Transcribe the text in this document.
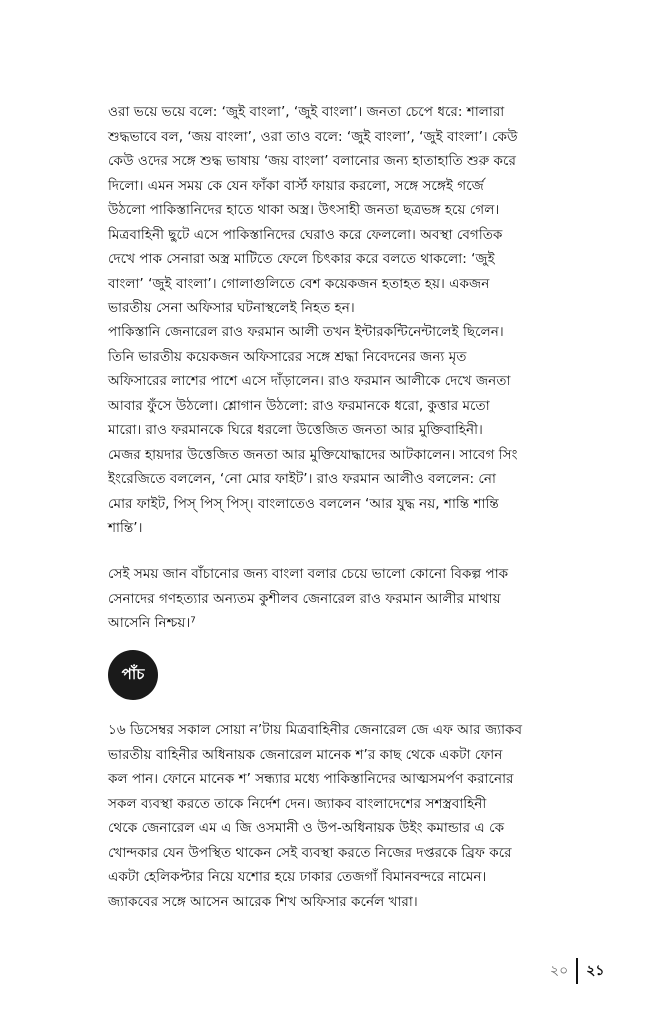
ওরা ভয়ে ভয়ে বলে: ‘জুই বাংলা’, ‘জুই বাংলা’। জনতা চেপে ধরে: শালারা
শুদ্ধভাবে বল, ‘জয় বাংলা’, ওরা তাও বলে: ‘জুই বাংলা’, ‘জুই বাংলা’। কেউ
কেউ ওদের সঙ্গে শুদ্ধ ভাষায় ‘জয় বাংলা’ বলানোর জন্য হাতাহাতি শুরু করে
দিলো। এমন সময় কে যেন ফাঁকা বার্স্ট ফায়ার করলো, সঙ্গে সঙ্গেই গর্জে
উঠলো পাকিস্তানিদের হাতে থাকা অস্ত্র। উৎসাহী জনতা ছত্রভঙ্গ হয়ে গেল।
মিত্রবাহিনী ছুটে এসে পাকিস্তানিদের ঘেরাও করে ফেললো। অবস্থা বেগতিক
দেখে পাক সেনারা অস্ত্র মাটিতে ফেলে চিৎকার করে বলতে থাকলো: ‘জুই
বাংলা’ ‘জুই বাংলা’। গোলাগুলিতে বেশ কয়েকজন হতাহত হয়। একজন
ভারতীয় সেনা অফিসার ঘটনাস্থলেই নিহত হন।
পাকিস্তানি জেনারেল রাও ফরমান আলী তখন ইন্টারকন্টিনেন্টালেই ছিলেন।
তিনি ভারতীয় কয়েকজন অফিসারের সঙ্গে শ্রদ্ধা নিবেদনের জন্য মৃত
অফিসারের লাশের পাশে এসে দাঁড়ালেন। রাও ফরমান আলীকে দেখে জনতা
আবার ফুঁসে উঠলো। শ্লোগান উঠলো: রাও ফরমানকে ধরো, কুত্তার মতো
মারো। রাও ফরমানকে ঘিরে ধরলো উত্তেজিত জনতা আর মুক্তিবাহিনী।
মেজর হায়দার উত্তেজিত জনতা আর মুক্তিযোদ্ধাদের আটকালেন। সাবেগ সিং
ইংরেজিতে বললেন, ‘নো মোর ফাইট’। রাও ফরমান আলীও বললেন: নো
মোর ফাইট, পিস্ পিস্ পিস্। বাংলাতেও বললেন ‘আর যুদ্ধ নয়, শান্তি শান্তি
শান্তি’।
সেই সময় জান বাঁচানোর জন্য বাংলা বলার চেয়ে ভালো কোনো বিকল্প পাক
সেনাদের গণহত্যার অন্যতম কুশীলব জেনারেল রাও ফরমান আলীর মাথায়
আসেনি নিশ্চয়।⁷
পাঁচ
১৬ ডিসেম্বর সকাল সোয়া ন’টায় মিত্রবাহিনীর জেনারেল জে এফ আর জ্যাকব
ভারতীয় বাহিনীর অধিনায়ক জেনারেল মানেক শ’র কাছ থেকে একটা ফোন
কল পান। ফোনে মানেক শ’ সন্ধ্যার মধ্যে পাকিস্তানিদের আত্মসমর্পণ করানোর
সকল ব্যবস্থা করতে তাকে নির্দেশ দেন। জ্যাকব বাংলাদেশের সশস্ত্রবাহিনী
থেকে জেনারেল এম এ জি ওসমানী ও উপ-অধিনায়ক উইং কমান্ডার এ কে
খোন্দকার যেন উপস্থিত থাকেন সেই ব্যবস্থা করতে নিজের দপ্তরকে ব্রিফ করে
একটা হেলিকপ্টার নিয়ে যশোর হয়ে ঢাকার তেজগাঁ বিমানবন্দরে নামেন।
জ্যাকবের সঙ্গে আসেন আরেক শিখ অফিসার কর্নেল খারা।
২০ ২১
